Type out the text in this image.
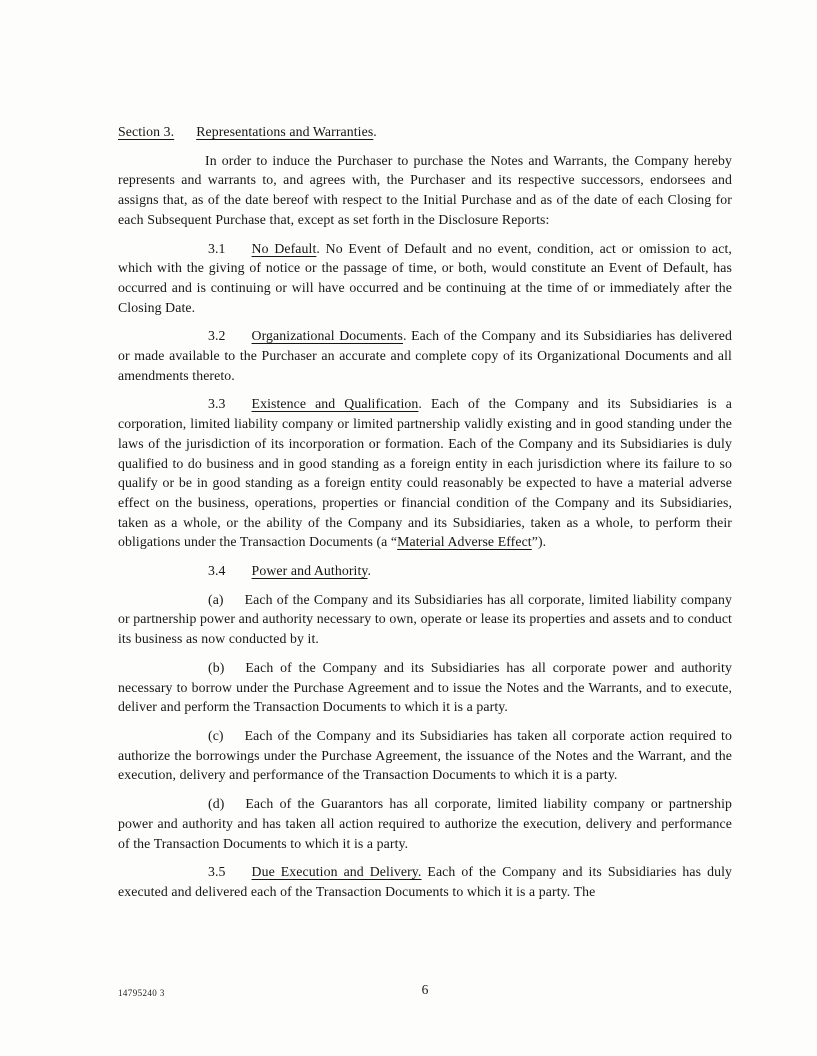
Section 3. Representations and Warranties.

In order to induce the Purchaser to purchase the Notes and Warrants, the Company hereby represents and warrants to, and agrees with, the Purchaser and its respective successors, endorsees and assigns that, as of the date bereof with respect to the Initial Purchase and as of the date of each Closing for each Subsequent Purchase that, except as set forth in the Disclosure Reports:

3.1 No Default. No Event of Default and no event, condition, act or omission to act, which with the giving of notice or the passage of time, or both, would constitute an Event of Default, has occurred and is continuing or will have occurred and be continuing at the time of or immediately after the Closing Date.

3.2 Organizational Documents. Each of the Company and its Subsidiaries has delivered or made available to the Purchaser an accurate and complete copy of its Organizational Documents and all amendments thereto.

3.3 Existence and Qualification. Each of the Company and its Subsidiaries is a corporation, limited liability company or limited partnership validly existing and in good standing under the laws of the jurisdiction of its incorporation or formation. Each of the Company and its Subsidiaries is duly qualified to do business and in good standing as a foreign entity in each jurisdiction where its failure to so qualify or be in good standing as a foreign entity could reasonably be expected to have a material adverse effect on the business, operations, properties or financial condition of the Company and its Subsidiaries, taken as a whole, or the ability of the Company and its Subsidiaries, taken as a whole, to perform their obligations under the Transaction Documents (a “Material Adverse Effect”).

3.4 Power and Authority.

(a) Each of the Company and its Subsidiaries has all corporate, limited liability company or partnership power and authority necessary to own, operate or lease its properties and assets and to conduct its business as now conducted by it.

(b) Each of the Company and its Subsidiaries has all corporate power and authority necessary to borrow under the Purchase Agreement and to issue the Notes and the Warrants, and to execute, deliver and perform the Transaction Documents to which it is a party.

(c) Each of the Company and its Subsidiaries has taken all corporate action required to authorize the borrowings under the Purchase Agreement, the issuance of the Notes and the Warrant, and the execution, delivery and performance of the Transaction Documents to which it is a party.

(d) Each of the Guarantors has all corporate, limited liability company or partnership power and authority and has taken all action required to authorize the execution, delivery and performance of the Transaction Documents to which it is a party.

3.5 Due Execution and Delivery. Each of the Company and its Subsidiaries has duly executed and delivered each of the Transaction Documents to which it is a party. The

6
14795240 3
